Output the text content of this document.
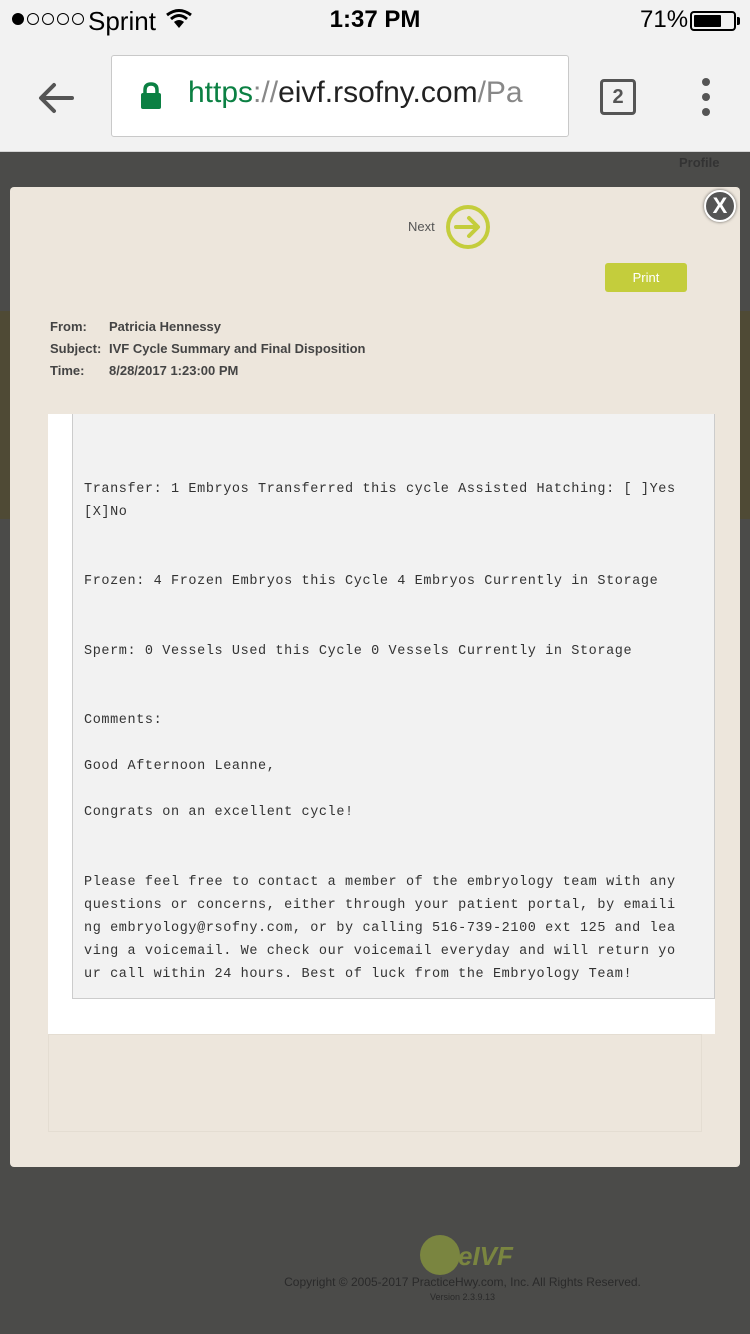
Sprint	1:37 PM	71%
https://eivf.rsofny.com/Pa	2
Profile
eIVF
Copyright © 2005-2017 PracticeHwy.com, Inc. All Rights Reserved.
Version 2.3.9.13
Next
Print
From: Patricia Hennessy
Subject: IVF Cycle Summary and Final Disposition
Time: 8/28/2017 1:23:00 PM
Transfer: 1 Embryos Transferred this cycle Assisted Hatching: [ ]Yes
[X]No
Frozen: 4 Frozen Embryos this Cycle 4 Embryos Currently in Storage
Sperm: 0 Vessels Used this Cycle 0 Vessels Currently in Storage
Comments:
Good Afternoon Leanne,
Congrats on an excellent cycle!
Please feel free to contact a member of the embryology team with any
questions or concerns, either through your patient portal, by emaili
ng embryology@rsofny.com, or by calling 516-739-2100 ext 125 and lea
ving a voicemail. We check our voicemail everyday and will return yo
ur call within 24 hours. Best of luck from the Embryology Team!
X
